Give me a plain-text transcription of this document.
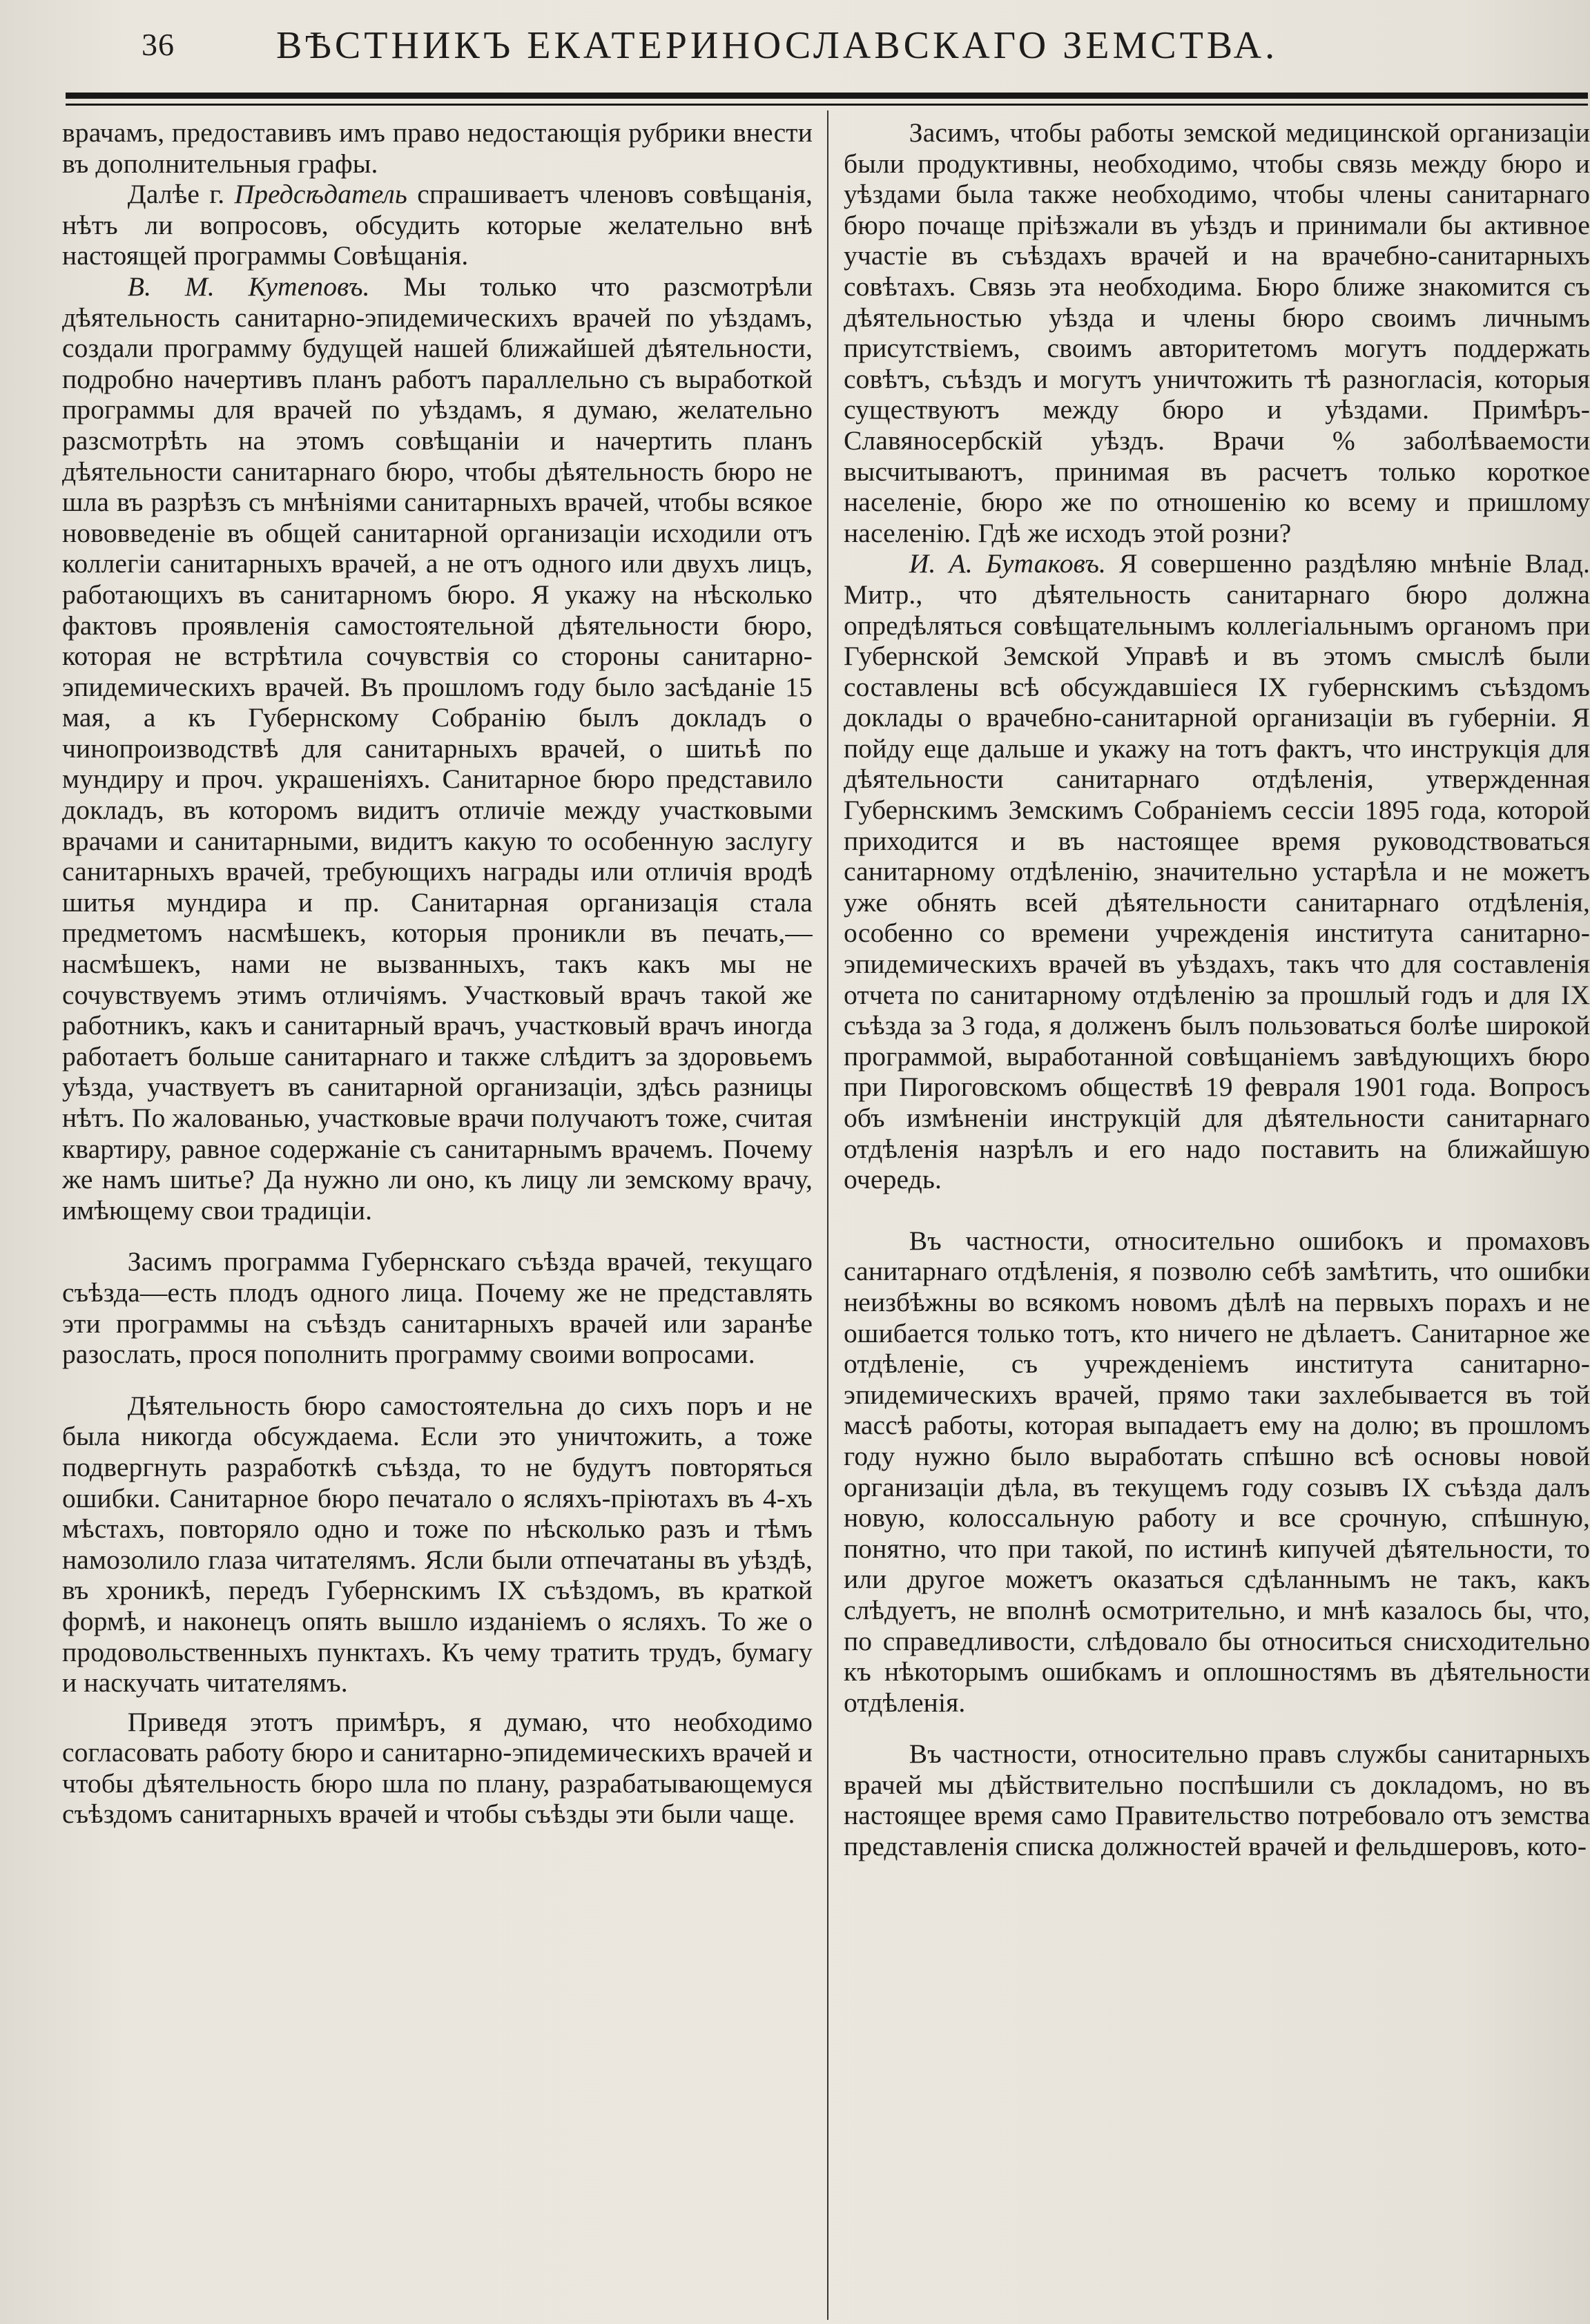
36	ВѢСТНИКЪ ЕКАТЕРИНОСЛАВСКАГО ЗЕМСТВА.

врачамъ, предоставивъ имъ право недостающія рубрики внести въ дополнительныя графы.

Далѣе г. Предсѣдатель спрашиваетъ членовъ совѣщанія, нѣтъ ли вопросовъ, обсудить которые желательно внѣ настоящей программы Совѣщанія.

В. М. Кутеповъ. Мы только что разсмотрѣли дѣятельность санитарно-эпидемическихъ врачей по уѣздамъ, создали программу будущей нашей ближайшей дѣятельности, подробно начертивъ планъ работъ параллельно съ выработкой программы для врачей по уѣздамъ, я думаю, желательно разсмотрѣть на этомъ совѣщаніи и начертить планъ дѣятельности санитарнаго бюро, чтобы дѣятельность бюро не шла въ разрѣзъ съ мнѣніями санитарныхъ врачей, чтобы всякое нововведеніе въ общей санитарной организаціи исходили отъ коллегіи санитарныхъ врачей, а не отъ одного или двухъ лицъ, работающихъ въ санитарномъ бюро. Я укажу на нѣсколько фактовъ проявленія самостоятельной дѣятельности бюро, которая не встрѣтила сочувствія со стороны санитарно-эпидемическихъ врачей. Въ прошломъ году было засѣданіе 15 мая, а къ Губернскому Собранію былъ докладъ о чинопроизводствѣ для санитарныхъ врачей, о шитьѣ по мундиру и проч. украшеніяхъ. Санитарное бюро представило докладъ, въ которомъ видитъ отличіе между участковыми врачами и санитарными, видитъ какую то особенную заслугу санитарныхъ врачей, требующихъ награды или отличія вродѣ шитья мундира и пр. Санитарная организація стала предметомъ насмѣшекъ, которыя проникли въ печать,—насмѣшекъ, нами не вызванныхъ, такъ какъ мы не сочувствуемъ этимъ отличіямъ. Участковый врачъ такой же работникъ, какъ и санитарный врачъ, участковый врачъ иногда работаетъ больше санитарнаго и также слѣдитъ за здоровьемъ уѣзда, участвуетъ въ санитарной организаціи, здѣсь разницы нѣтъ. По жалованью, участковые врачи получаютъ тоже, считая квартиру, равное содержаніе съ санитарнымъ врачемъ. Почему же намъ шитье? Да нужно ли оно, къ лицу ли земскому врачу, имѣющему свои традиціи.

Засимъ программа Губернскаго съѣзда врачей, текущаго съѣзда—есть плодъ одного лица. Почему же не представлять эти программы на съѣздъ санитарныхъ врачей или заранѣе разослать, прося пополнить программу своими вопросами.

Дѣятельность бюро самостоятельна до сихъ поръ и не была никогда обсуждаема. Если это уничтожить, а тоже подвергнуть разработкѣ съѣзда, то не будутъ повторяться ошибки. Санитарное бюро печатало о ясляхъ-пріютахъ въ 4-хъ мѣстахъ, повторяло одно и тоже по нѣсколько разъ и тѣмъ намозолило глаза читателямъ. Ясли были отпечатаны въ уѣздѣ, въ хроникѣ, передъ Губернскимъ IX съѣздомъ, въ краткой формѣ, и наконецъ опять вышло изданіемъ о ясляхъ. То же о продовольственныхъ пунктахъ. Къ чему тратить трудъ, бумагу и наскучать читателямъ.

Приведя этотъ примѣръ, я думаю, что необходимо согласовать работу бюро и санитарно-эпидемическихъ врачей и чтобы дѣятельность бюро шла по плану, разрабатывающемуся съѣздомъ санитарныхъ врачей и чтобы съѣзды эти были чаще.

Засимъ, чтобы работы земской медицинской организаціи были продуктивны, необходимо, чтобы связь между бюро и уѣздами была также необходимо, чтобы члены санитарнаго бюро почаще пріѣзжали въ уѣздъ и принимали бы активное участіе въ съѣздахъ врачей и на врачебно-санитарныхъ совѣтахъ. Связь эта необходима. Бюро ближе знакомится съ дѣятельностью уѣзда и члены бюро своимъ личнымъ присутствіемъ, своимъ авторитетомъ могутъ поддержать совѣтъ, съѣздъ и могутъ уничтожить тѣ разногласія, которыя существуютъ между бюро и уѣздами. Примѣръ-Славяносербскій уѣздъ. Врачи % заболѣваемости высчитываютъ, принимая въ расчетъ только короткое населеніе, бюро же по отношенію ко всему и пришлому населенію. Гдѣ же исходъ этой розни?

И. А. Бутаковъ. Я совершенно раздѣляю мнѣніе Влад. Митр., что дѣятельность санитарнаго бюро должна опредѣляться совѣщательнымъ коллегіальнымъ органомъ при Губернской Земской Управѣ и въ этомъ смыслѣ были составлены всѣ обсуждавшіеся IX губернскимъ съѣздомъ доклады о врачебно-санитарной организаціи въ губерніи. Я пойду еще дальше и укажу на тотъ фактъ, что инструкція для дѣятельности санитарнаго отдѣленія, утвержденная Губернскимъ Земскимъ Собраніемъ сессіи 1895 года, которой приходится и въ настоящее время руководствоваться санитарному отдѣленію, значительно устарѣла и не можетъ уже обнять всей дѣятельности санитарнаго отдѣленія, особенно со времени учрежденія института санитарно-эпидемическихъ врачей въ уѣздахъ, такъ что для составленія отчета по санитарному отдѣленію за прошлый годъ и для IX съѣзда за 3 года, я долженъ былъ пользоваться болѣе широкой программой, выработанной совѣщаніемъ завѣдующихъ бюро при Пироговскомъ обществѣ 19 февраля 1901 года. Вопросъ объ измѣненіи инструкцій для дѣятельности санитарнаго отдѣленія назрѣлъ и его надо поставить на ближайшую очередь.

Въ частности, относительно ошибокъ и промаховъ санитарнаго отдѣленія, я позволю себѣ замѣтить, что ошибки неизбѣжны во всякомъ новомъ дѣлѣ на первыхъ порахъ и не ошибается только тотъ, кто ничего не дѣлаетъ. Санитарное же отдѣленіе, съ учрежденіемъ института санитарно-эпидемическихъ врачей, прямо таки захлебывается въ той массѣ работы, которая выпадаетъ ему на долю; въ прошломъ году нужно было выработать спѣшно всѣ основы новой организаціи дѣла, въ текущемъ году созывъ IX съѣзда далъ новую, колоссальную работу и все срочную, спѣшную, понятно, что при такой, по истинѣ кипучей дѣятельности, то или другое можетъ оказаться сдѣланнымъ не такъ, какъ слѣдуетъ, не вполнѣ осмотрительно, и мнѣ казалось бы, что, по справедливости, слѣдовало бы относиться снисходительно къ нѣкоторымъ ошибкамъ и оплошностямъ въ дѣятельности отдѣленія.

Въ частности, относительно правъ службы санитарныхъ врачей мы дѣйствительно поспѣшили съ докладомъ, но въ настоящее время само Правительство потребовало отъ земства представленія списка должностей врачей и фельдшеровъ, кото-
